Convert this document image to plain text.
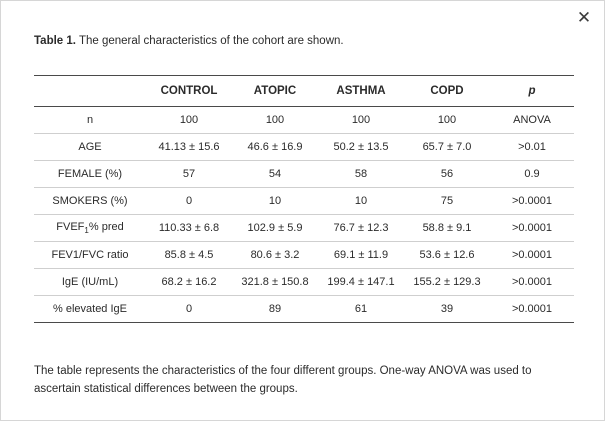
✕
Table 1. The general characteristics of the cohort are shown.
	CONTROL	ATOPIC	ASTHMA	COPD	p
n	100	100	100	100	ANOVA
AGE	41.13 ± 15.6	46.6 ± 16.9	50.2 ± 13.5	65.7 ± 7.0	>0.01
FEMALE (%)	57	54	58	56	0.9
SMOKERS (%)	0	10	10	75	>0.0001
$FVEF_1\%$ pred	110.33 ± 6.8	102.9 ± 5.9	76.7 ± 12.3	58.8 ± 9.1	>0.0001
FEV1/FVC ratio	85.8 ± 4.5	80.6 ± 3.2	69.1 ± 11.9	53.6 ± 12.6	>0.0001
IgE (IU/mL)	68.2 ± 16.2	321.8 ± 150.8	199.4 ± 147.1	155.2 ± 129.3	>0.0001
% elevated IgE	0	89	61	39	>0.0001
The table represents the characteristics of the four different groups. One-way ANOVA was used to ascertain statistical differences between the groups.
